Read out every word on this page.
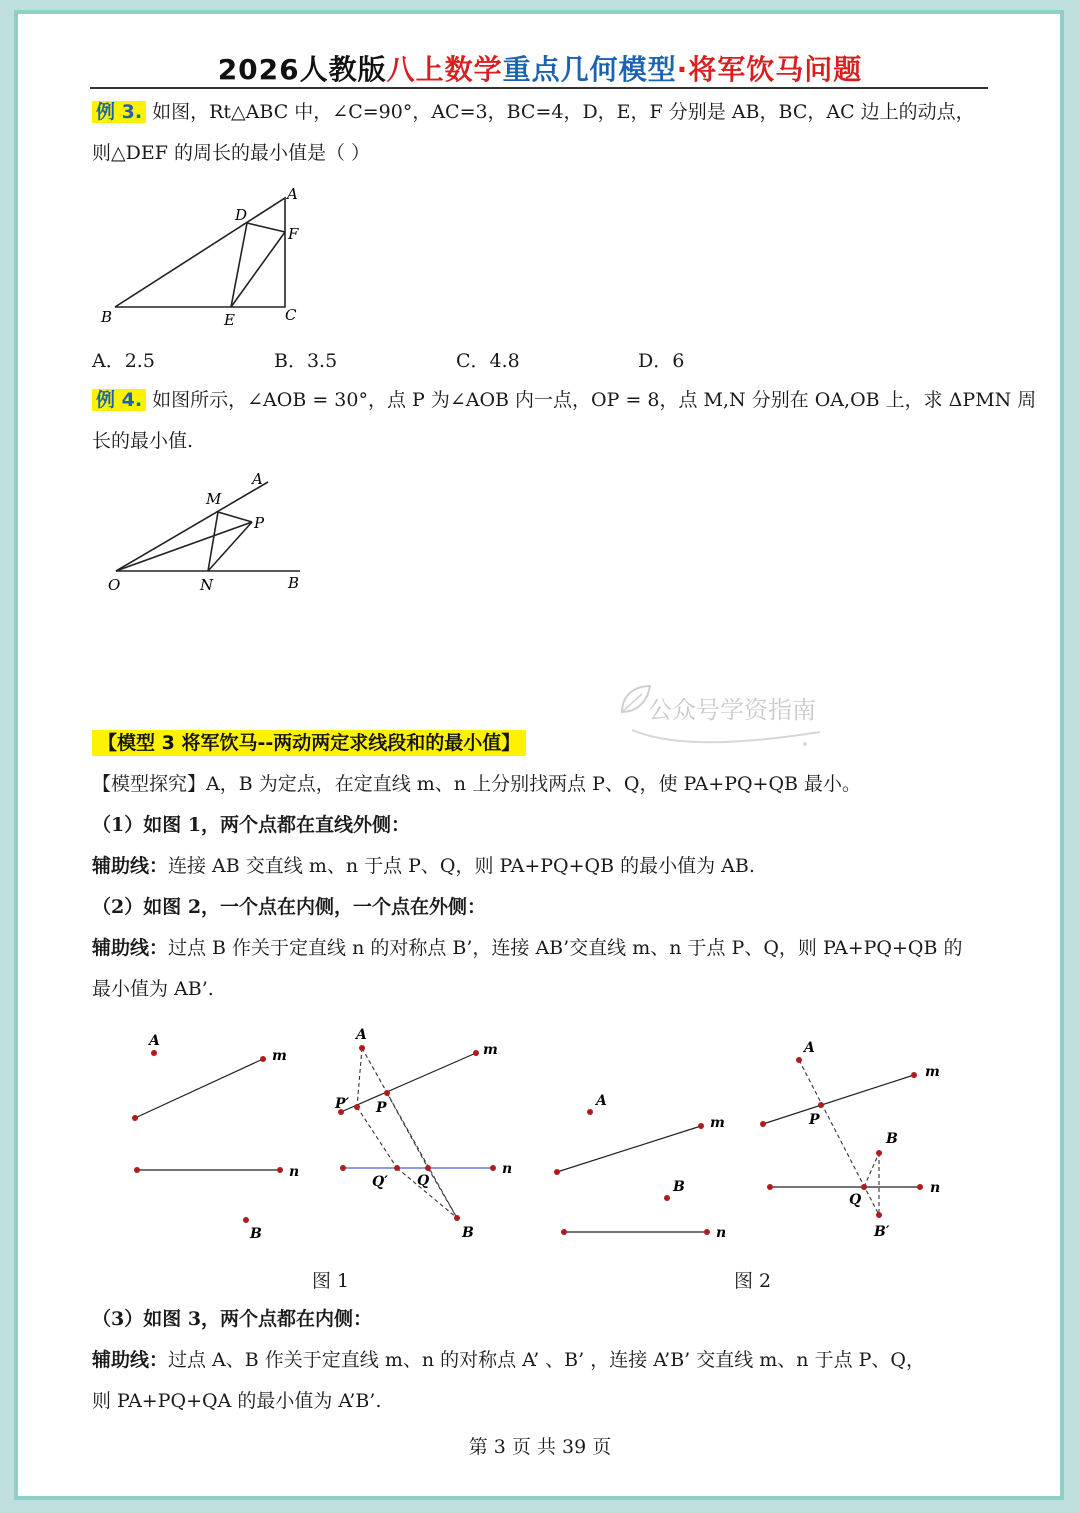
2026人教版八上数学重点几何模型·将军饮马问题
例 3. 如图，Rt△ABC 中，∠C=90°，AC=3，BC=4，D，E，F 分别是 AB，BC，AC 边上的动点，
则△DEF 的周长的最小值是（ ）
A
B	C
D
E
F
A．2.5	B．3.5	C．4.8	D．6
例 4. 如图所示，∠AOB = 30°，点 P 为∠AOB 内一点，OP = 8，点 M,N 分别在 OA,OB 上，求 ΔPMN 周
长的最小值.
A
M
P
O	N	B
公众号学资指南
【模型 3 将军饮马--两动两定求线段和的最小值】
【模型探究】A，B 为定点，在定直线 m、n 上分别找两点 P、Q，使 PA+PQ+QB 最小。
（1）如图 1，两个点都在直线外侧：
辅助线：连接 AB 交直线 m、n 于点 P、Q，则 PA+PQ+QB 的最小值为 AB.
（2）如图 2，一个点在内侧，一个点在外侧：
辅助线：过点 B 作关于定直线 n 的对称点 B’，连接 AB’交直线 m、n 于点 P、Q，则 PA+PQ+QB 的
最小值为 AB’.
A
m
n
B
A
m
P′ P
Q′ Q
n
B
A
m
B
n
A
m
P
B
Q
n
B′
图 1	图 2
（3）如图 3，两个点都在内侧：
辅助线：过点 A、B 作关于定直线 m、n 的对称点 A’ 、B’ ，连接 A’B’ 交直线 m、n 于点 P、Q，
则 PA+PQ+QA 的最小值为 A’B’.
第 3 页 共 39 页
